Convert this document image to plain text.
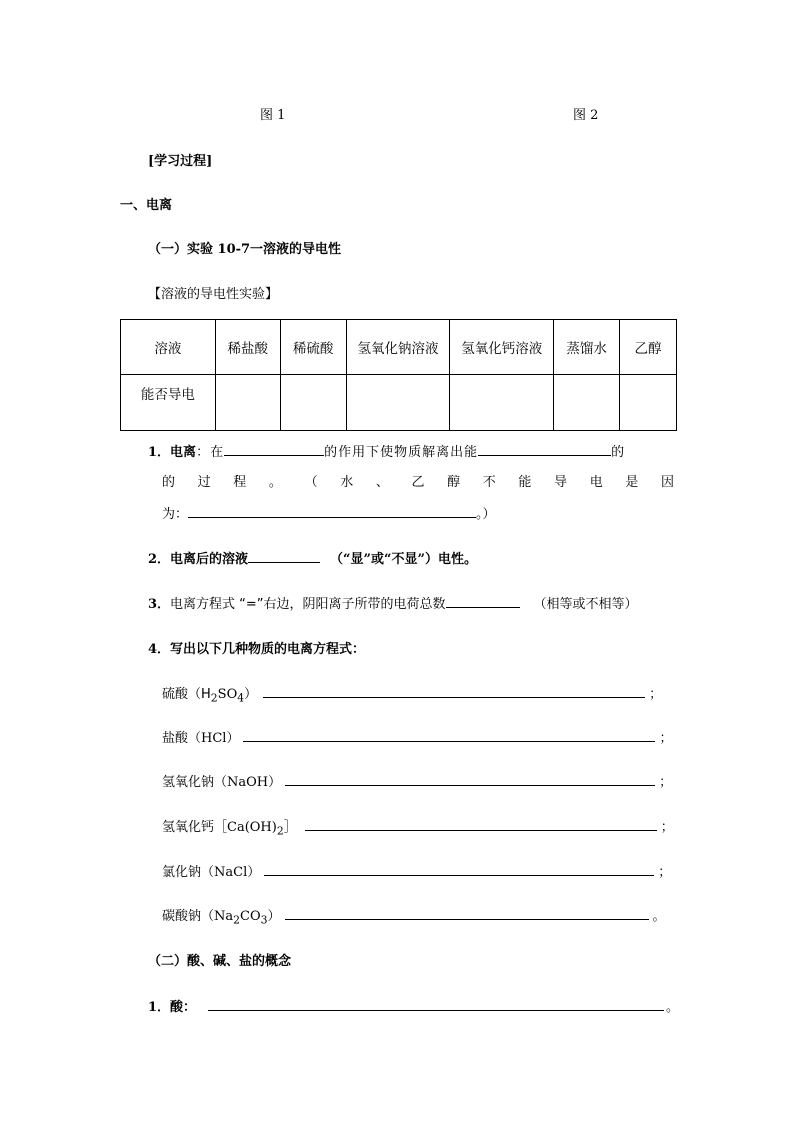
图 1	图 2
[学习过程]
一、电离
（一）实验 10-7一溶液的导电性
【溶液的导电性实验】
溶液	稀盐酸	稀硫酸	氢氧化钠溶液	氢氧化钙溶液	蒸馏水	乙醇
能否导电						
1．电离：在	的作用下使物质解离出能	的
的 过 程 。 （ 水 、 乙 醇 不 能 导 电 是 因
为：	。）
2．电离后的溶液	（“显”或“不显”）电性。
3．电离方程式 “=”右边，阴阳离子所带的电荷总数	（相等或不相等）
4．写出以下几种物质的电离方程式：
硫酸$(H_2SO_4)$	；
盐酸（HCl）	；
氢氧化钠（NaOH）	；
氢氧化钙$[Ca(OH)_2]$	；
氯化钠（NaCl）	；
碳酸钠$(Na_2CO_3)$	。
（二）酸、碱、盐的概念
1．酸：	。
